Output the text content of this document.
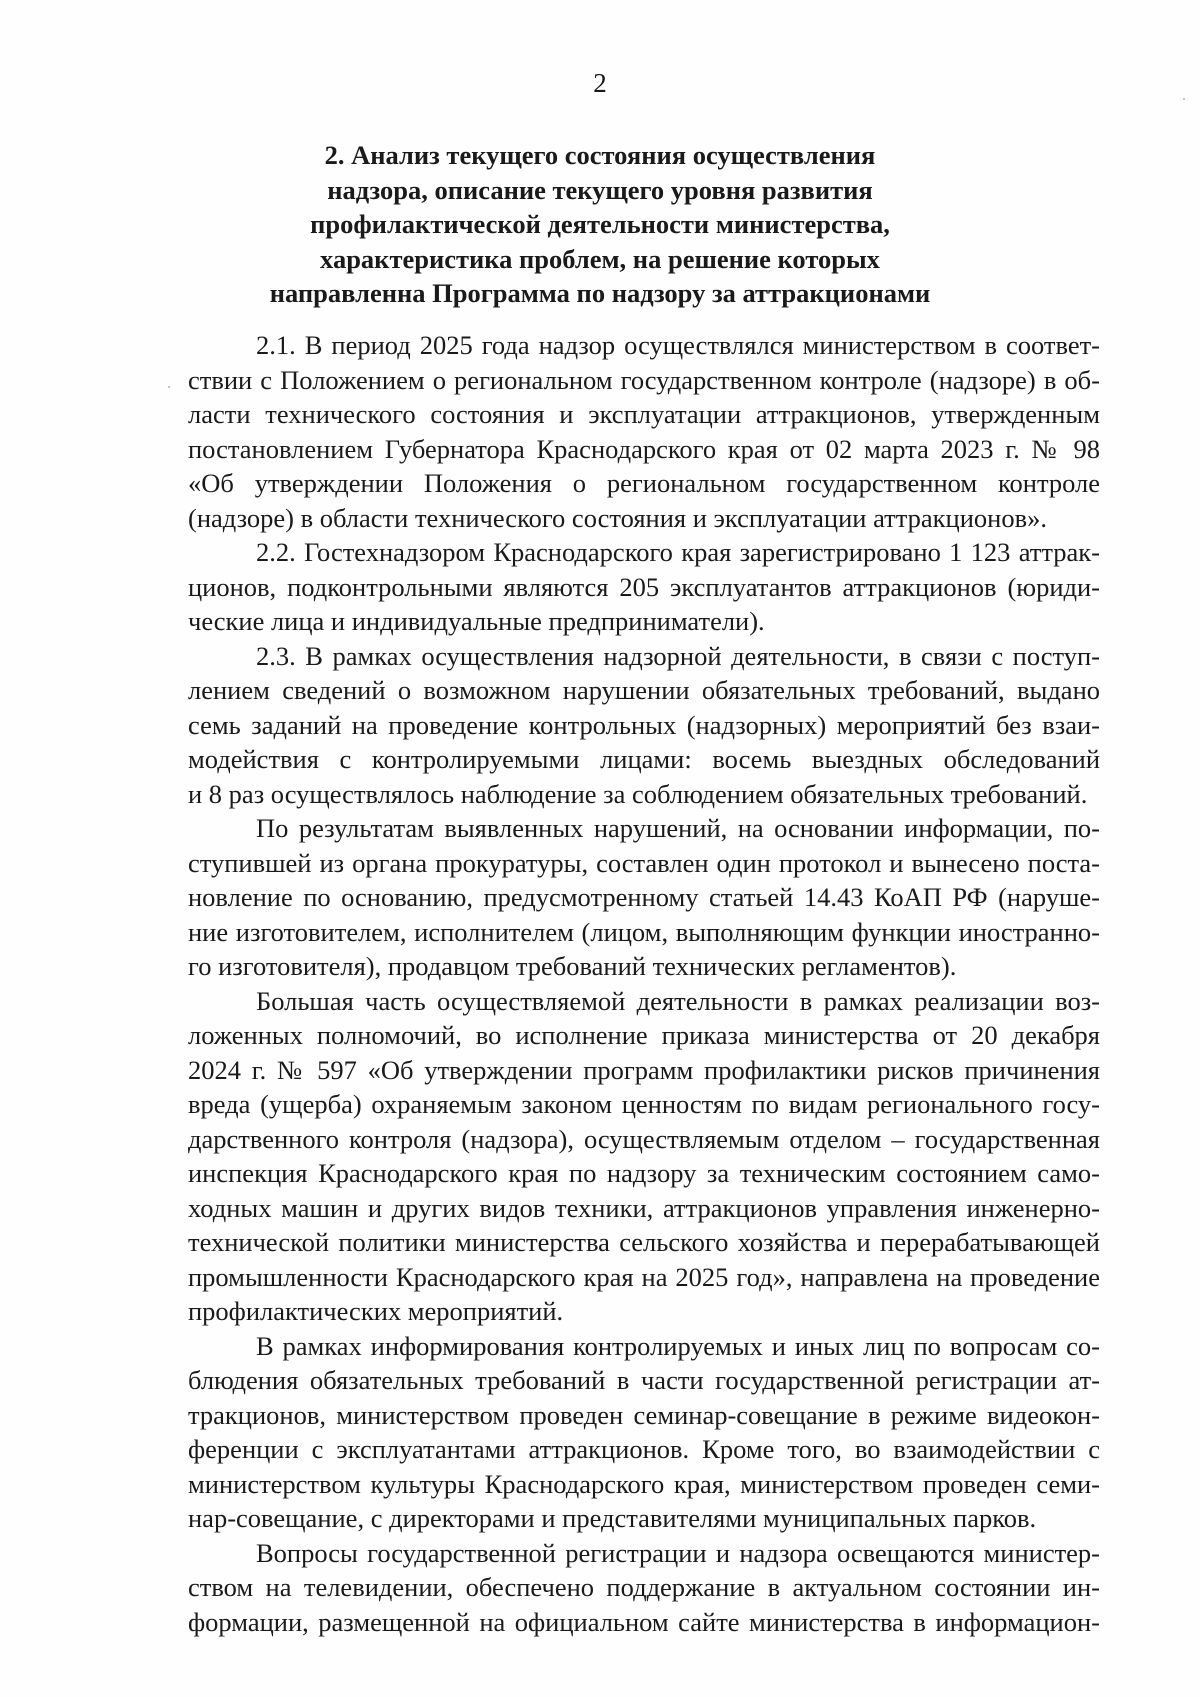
2
2. Анализ текущего состояния осуществления
надзора, описание текущего уровня развития
профилактической деятельности министерства,
характеристика проблем, на решение которых
направленна Программа по надзору за аттракционами
2.1. В период 2025 года надзор осуществлялся министерством в соответ-
ствии с Положением о региональном государственном контроле (надзоре) в об-
ласти технического состояния и эксплуатации аттракционов, утвержденным
постановлением Губернатора Краснодарского края от 02 марта 2023 г. № 98
«Об утверждении Положения о региональном государственном контроле
(надзоре) в области технического состояния и эксплуатации аттракционов».
2.2. Гостехнадзором Краснодарского края зарегистрировано 1 123 аттрак-
ционов, подконтрольными являются 205 эксплуатантов аттракционов (юриди-
ческие лица и индивидуальные предприниматели).
2.3. В рамках осуществления надзорной деятельности, в связи с поступ-
лением сведений о возможном нарушении обязательных требований, выдано
семь заданий на проведение контрольных (надзорных) мероприятий без взаи-
модействия с контролируемыми лицами: восемь выездных обследований
и 8 раз осуществлялось наблюдение за соблюдением обязательных требований.
По результатам выявленных нарушений, на основании информации, по-
ступившей из органа прокуратуры, составлен один протокол и вынесено поста-
новление по основанию, предусмотренному статьей 14.43 КоАП РФ (наруше-
ние изготовителем, исполнителем (лицом, выполняющим функции иностранно-
го изготовителя), продавцом требований технических регламентов).
Большая часть осуществляемой деятельности в рамках реализации воз-
ложенных полномочий, во исполнение приказа министерства от 20 декабря
2024 г. № 597 «Об утверждении программ профилактики рисков причинения
вреда (ущерба) охраняемым законом ценностям по видам регионального госу-
дарственного контроля (надзора), осуществляемым отделом – государственная
инспекция Краснодарского края по надзору за техническим состоянием само-
ходных машин и других видов техники, аттракционов управления инженерно-
технической политики министерства сельского хозяйства и перерабатывающей
промышленности Краснодарского края на 2025 год», направлена на проведение
профилактических мероприятий.
В рамках информирования контролируемых и иных лиц по вопросам со-
блюдения обязательных требований в части государственной регистрации ат-
тракционов, министерством проведен семинар-совещание в режиме видеокон-
ференции с эксплуатантами аттракционов. Кроме того, во взаимодействии с
министерством культуры Краснодарского края, министерством проведен семи-
нар-совещание, с директорами и представителями муниципальных парков.
Вопросы государственной регистрации и надзора освещаются министер-
ством на телевидении, обеспечено поддержание в актуальном состоянии ин-
формации, размещенной на официальном сайте министерства в информацион-
